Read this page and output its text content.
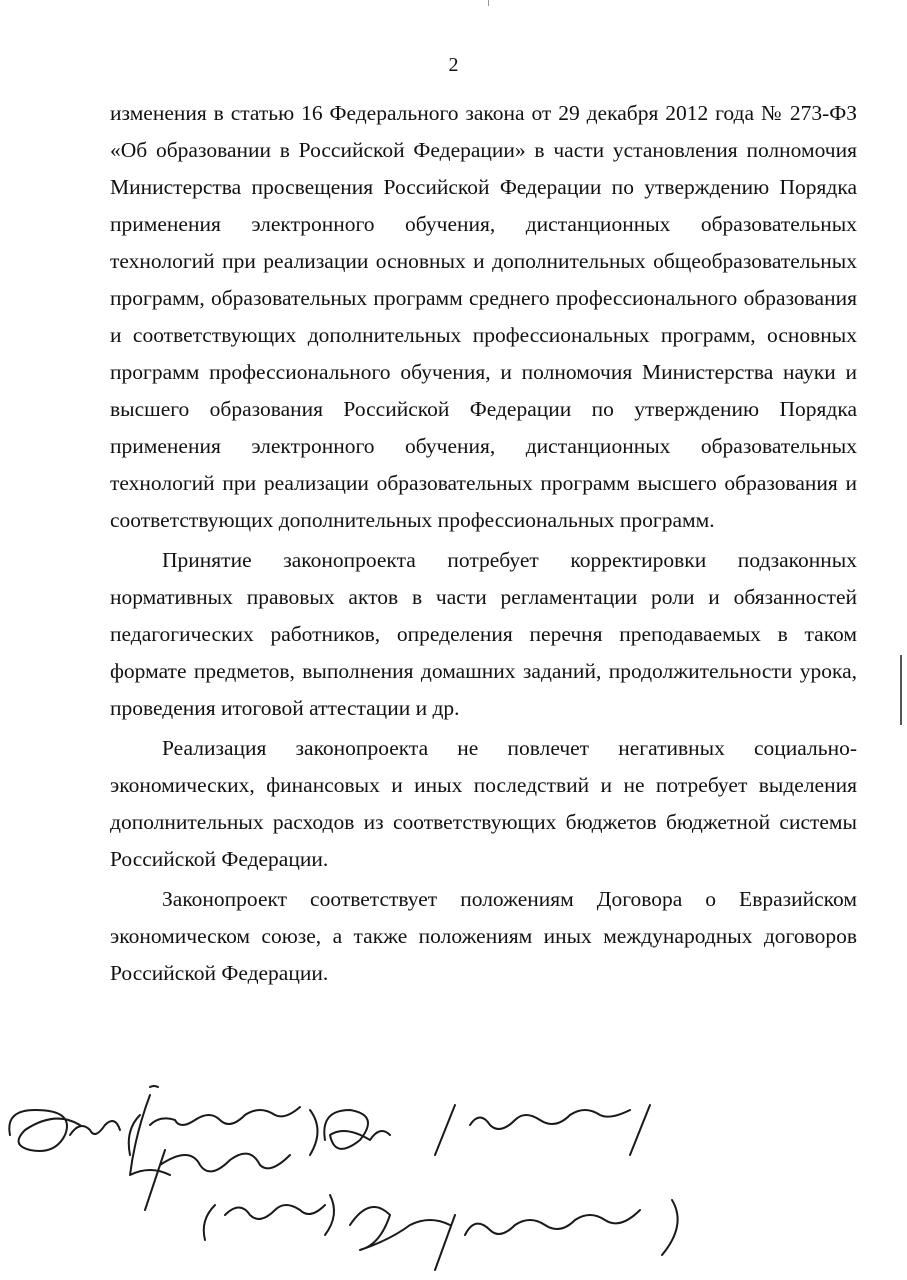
2
изменения в статью 16 Федерального закона от 29 декабря 2012 года № 273-ФЗ
«Об образовании в Российской Федерации» в части установления полномочия
Министерства просвещения Российской Федерации по утверждению Порядка
применения электронного обучения, дистанционных образовательных
технологий при реализации основных и дополнительных общеобразовательных
программ, образовательных программ среднего профессионального образования
и соответствующих дополнительных профессиональных программ, основных
программ профессионального обучения, и полномочия Министерства науки и
высшего образования Российской Федерации по утверждению Порядка
применения электронного обучения, дистанционных образовательных
технологий при реализации образовательных программ высшего образования и
соответствующих дополнительных профессиональных программ.

Принятие законопроекта потребует корректировки подзаконных нормативных правовых актов в части регламентации роли и обязанностей педагогических работников, определения перечня преподаваемых в таком формате предметов, выполнения домашних заданий, продолжительности урока, проведения итоговой аттестации и др.

Реализация законопроекта не повлечет негативных социально-экономических, финансовых и иных последствий и не потребует выделения дополнительных расходов из соответствующих бюджетов бюджетной системы Российской Федерации.

Законопроект соответствует положениям Договора о Евразийском экономическом союзе, а также положениям иных международных договоров Российской Федерации.
